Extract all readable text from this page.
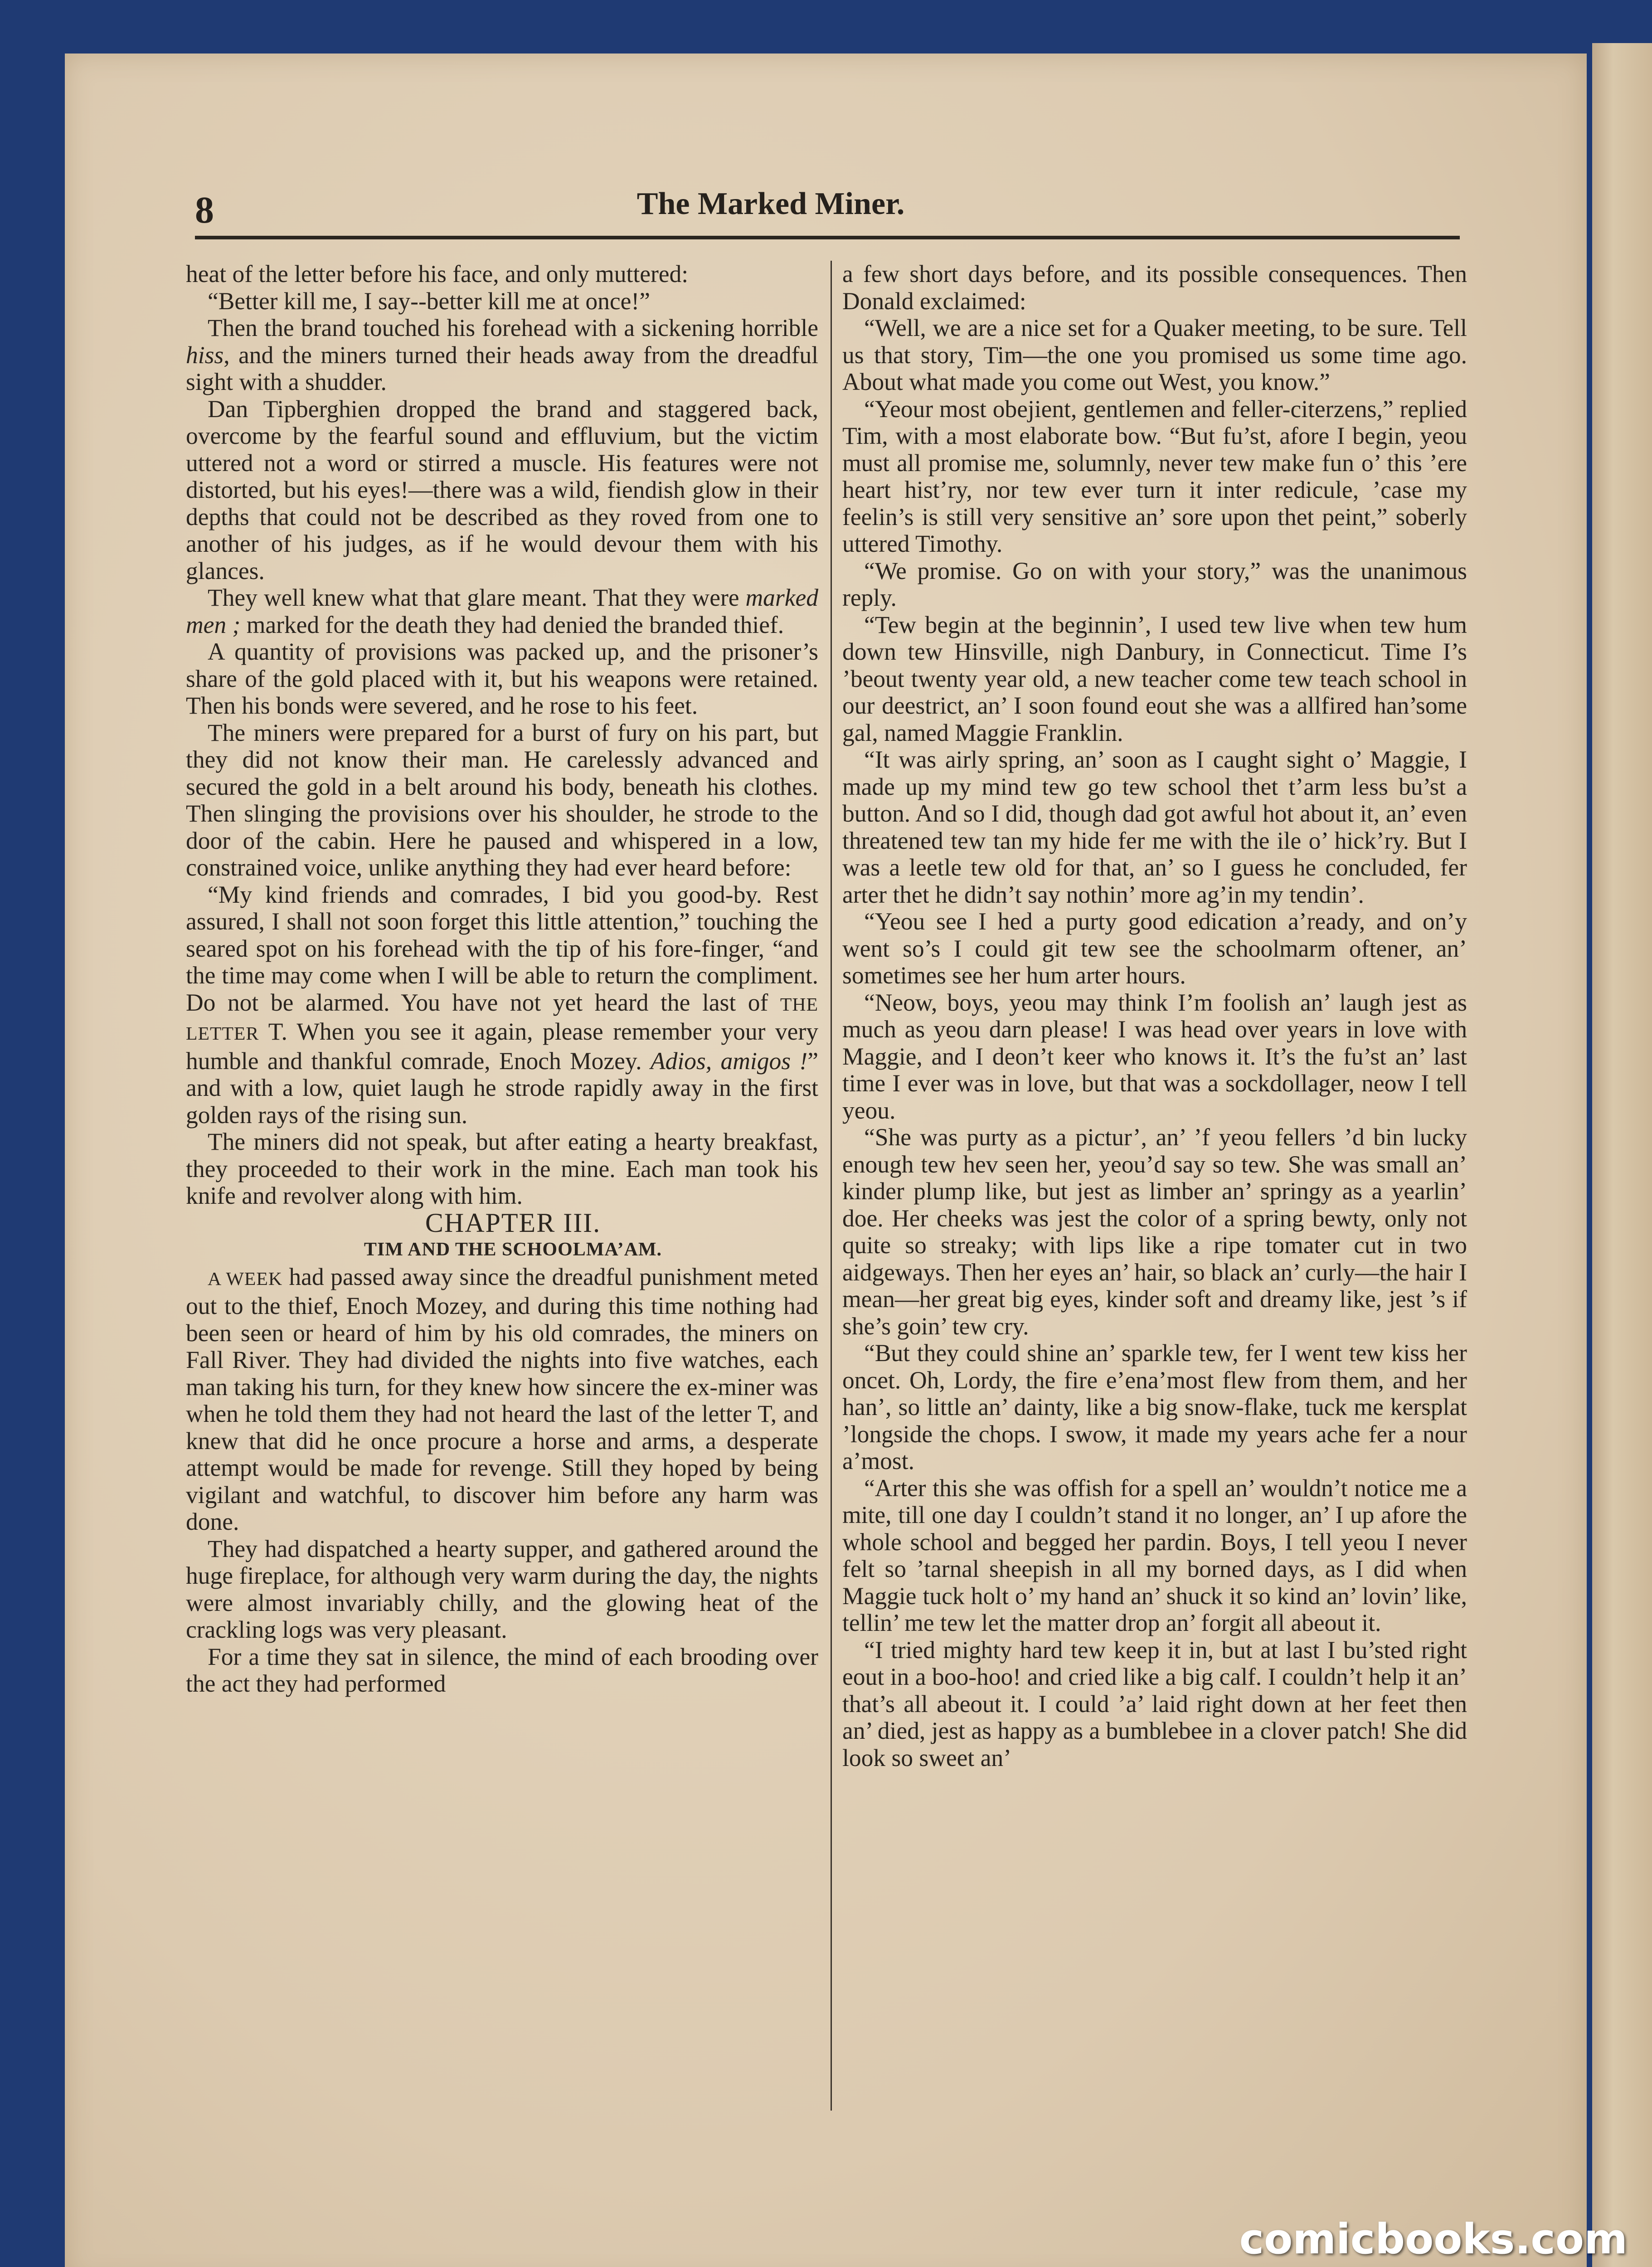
8	The Marked Miner.

heat of the letter before his face, and only muttered:

“Better kill me, I say--better kill me at once!”

Then the brand touched his forehead with a sickening horrible hiss, and the miners turned their heads away from the dreadful sight with a shudder.

Dan Tipberghien dropped the brand and staggered back, overcome by the fearful sound and effluvium, but the victim uttered not a word or stirred a muscle. His features were not distorted, but his eyes!—there was a wild, fiendish glow in their depths that could not be described as they roved from one to another of his judges, as if he would devour them with his glances.

They well knew what that glare meant. That they were marked men ; marked for the death they had denied the branded thief.

A quantity of provisions was packed up, and the prisoner’s share of the gold placed with it, but his weapons were retained. Then his bonds were severed, and he rose to his feet.

The miners were prepared for a burst of fury on his part, but they did not know their man. He carelessly advanced and secured the gold in a belt around his body, beneath his clothes. Then slinging the provisions over his shoulder, he strode to the door of the cabin. Here he paused and whispered in a low, constrained voice, unlike anything they had ever heard before:

“My kind friends and comrades, I bid you good-by. Rest assured, I shall not soon forget this little attention,” touching the seared spot on his forehead with the tip of his fore-finger, “and the time may come when I will be able to return the compliment. Do not be alarmed. You have not yet heard the last of THE LETTER T. When you see it again, please remember your very humble and thankful comrade, Enoch Mozey. Adios, amigos !” and with a low, quiet laugh he strode rapidly away in the first golden rays of the rising sun.

The miners did not speak, but after eating a hearty breakfast, they proceeded to their work in the mine. Each man took his knife and revolver along with him.

CHAPTER III.

TIM AND THE SCHOOLMA’AM.

A WEEK had passed away since the dreadful punishment meted out to the thief, Enoch Mozey, and during this time nothing had been seen or heard of him by his old comrades, the miners on Fall River. They had divided the nights into five watches, each man taking his turn, for they knew how sincere the ex-miner was when he told them they had not heard the last of the letter T, and knew that did he once procure a horse and arms, a desperate attempt would be made for revenge. Still they hoped by being vigilant and watchful, to discover him before any harm was done.

They had dispatched a hearty supper, and gathered around the huge fireplace, for although very warm during the day, the nights were almost invariably chilly, and the glowing heat of the crackling logs was very pleasant.

For a time they sat in silence, the mind of each brooding over the act they had performed

a few short days before, and its possible consequences. Then Donald exclaimed:

“Well, we are a nice set for a Quaker meeting, to be sure. Tell us that story, Tim—the one you promised us some time ago. About what made you come out West, you know.”

“Yeour most obejient, gentlemen and feller-citerzens,” replied Tim, with a most elaborate bow. “But fu’st, afore I begin, yeou must all promise me, solumnly, never tew make fun o’ this ’ere heart hist’ry, nor tew ever turn it inter redicule, ’case my feelin’s is still very sensitive an’ sore upon thet peint,” soberly uttered Timothy.

“We promise. Go on with your story,” was the unanimous reply.

“Tew begin at the beginnin’, I used tew live when tew hum down tew Hinsville, nigh Danbury, in Connecticut. Time I’s ’beout twenty year old, a new teacher come tew teach school in our deestrict, an’ I soon found eout she was a allfired han’some gal, named Maggie Franklin.

“It was airly spring, an’ soon as I caught sight o’ Maggie, I made up my mind tew go tew school thet t’arm less bu’st a button. And so I did, though dad got awful hot about it, an’ even threatened tew tan my hide fer me with the ile o’ hick’ry. But I was a leetle tew old for that, an’ so I guess he concluded, fer arter thet he didn’t say nothin’ more ag’in my tendin’.

“Yeou see I hed a purty good edication a’ready, and on’y went so’s I could git tew see the schoolmarm oftener, an’ sometimes see her hum arter hours.

“Neow, boys, yeou may think I’m foolish an’ laugh jest as much as yeou darn please! I was head over years in love with Maggie, and I deon’t keer who knows it. It’s the fu’st an’ last time I ever was in love, but that was a sockdollager, neow I tell yeou.

“She was purty as a pictur’, an’ ’f yeou fellers ’d bin lucky enough tew hev seen her, yeou’d say so tew. She was small an’ kinder plump like, but jest as limber an’ springy as a yearlin’ doe. Her cheeks was jest the color of a spring bewty, only not quite so streaky; with lips like a ripe tomater cut in two aidgeways. Then her eyes an’ hair, so black an’ curly—the hair I mean—her great big eyes, kinder soft and dreamy like, jest ’s if she’s goin’ tew cry.

“But they could shine an’ sparkle tew, fer I went tew kiss her oncet. Oh, Lordy, the fire e’ena’most flew from them, and her han’, so little an’ dainty, like a big snow-flake, tuck me kersplat ’longside the chops. I swow, it made my years ache fer a nour a’most.

“Arter this she was offish for a spell an’ wouldn’t notice me a mite, till one day I couldn’t stand it no longer, an’ I up afore the whole school and begged her pardin. Boys, I tell yeou I never felt so ’tarnal sheepish in all my borned days, as I did when Maggie tuck holt o’ my hand an’ shuck it so kind an’ lovin’ like, tellin’ me tew let the matter drop an’ forgit all abeout it.

“I tried mighty hard tew keep it in, but at last I bu’sted right eout in a boo-hoo! and cried like a big calf. I couldn’t help it an’ that’s all abeout it. I could ’a’ laid right down at her feet then an’ died, jest as happy as a bumblebee in a clover patch! She did look so sweet an’

comicbooks.com
